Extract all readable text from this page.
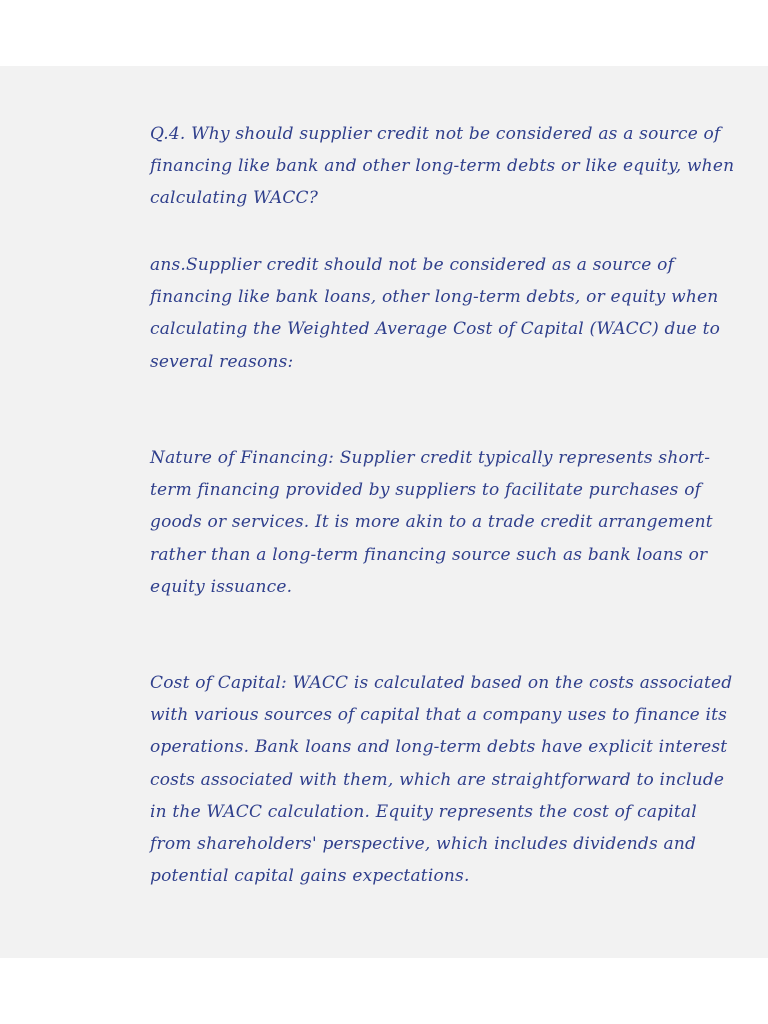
Q.4. Why should supplier credit not be considered as a source of financing like bank and other long-term debts or like equity, when calculating WACC?

ans.Supplier credit should not be considered as a source of financing like bank loans, other long-term debts, or equity when calculating the Weighted Average Cost of Capital (WACC) due to several reasons:

Nature of Financing: Supplier credit typically represents short-term financing provided by suppliers to facilitate purchases of goods or services. It is more akin to a trade credit arrangement rather than a long-term financing source such as bank loans or equity issuance.

Cost of Capital: WACC is calculated based on the costs associated with various sources of capital that a company uses to finance its operations. Bank loans and long-term debts have explicit interest costs associated with them, which are straightforward to include in the WACC calculation. Equity represents the cost of capital from shareholders' perspective, which includes dividends and potential capital gains expectations.
